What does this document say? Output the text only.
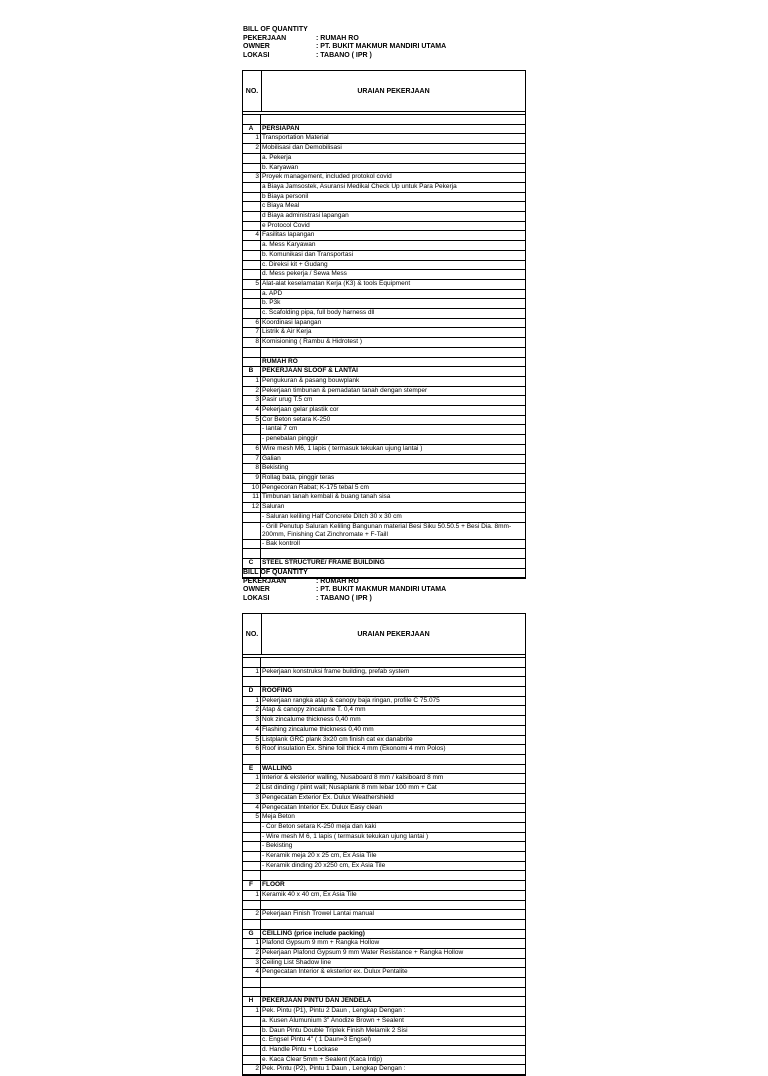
BILL OF QUANTITY
PEKERJAAN	: RUMAH RO
OWNER	: PT. BUKIT MAKMUR MANDIRI UTAMA
LOKASI	: TABANO ( IPR )
NO.	URAIAN PEKERJAAN
A	PERSIAPAN
1 Transportation Material
2 Mobilisasi dan Demobilisasi
a. Pekerja
b. Karyawan
3 Proyek management, included protokol covid
a Biaya Jamsostek, Asuransi Medikal Check Up untuk Para Pekerja
b Biaya personil
c Biaya Meal
d Biaya administrasi lapangan
e Protocol Covid
4 Fasilitas lapangan
a. Mess Karyawan
b. Komunikasi dan Transportasi
c. Direksi kit + Gudang
d. Mess pekerja / Sewa Mess
5 Alat-alat keselamatan Kerja (K3) & tools Equipment
a. APD
b. P3k
c. Scafolding pipa, full body harness dll
6 Koordinasi lapangan
7 Listrik & Air Kerja
8 Komisioning ( Rambu & Hidrotest )
RUMAH RO
B	PEKERJAAN SLOOF & LANTAI
1 Pengukuran & pasang bouwplank
2 Pekerjaan timbunan & pemadatan tanah dengan stemper
3 Pasir urug T.5 cm
4 Pekerjaan gelar plastik cor
5 Cor Beton setara K-250
- lantai 7 cm
- penebalan pinggir
6 Wire mesh M6, 1 lapis ( termasuk tekukan ujung lantai )
7 Galian
8 Bekisting
9 Rollag bata, pinggir teras
10 Pengecoran Rabat; K-175 tebal 5 cm
11 Timbunan tanah kembali & buang tanah sisa
12 Saluran
- Saluran keliling Half Concrete Ditch 30 x 30 cm
- Grill Penutup Saluran Keliling Bangunan material Besi Siku 50.50.5 + Besi Dia. 8mm-200mm, Finishing Cat Zinchromate + F-Taill
- Bak kontroll
C	STEEL STRUCTURE/ FRAME BUILDING
BILL OF QUANTITY
PEKERJAAN	: RUMAH RO
OWNER	: PT. BUKIT MAKMUR MANDIRI UTAMA
LOKASI	: TABANO ( IPR )
NO.	URAIAN PEKERJAAN
1 Pekerjaan konstruksi frame building, prefab system
D	ROOFING
1 Pekerjaan rangka atap & canopy baja ringan, profile C 75.075
2 Atap & canopy zincalume T. 0,4 mm
3 Nok zincalume thickness 0,40 mm
4 Flashing zincalume thickness 0,40 mm
5 Listplank GRC plank 3x20 cm finish cat ex danabrite
6 Roof insulation Ex. Shine foil thick 4 mm (Ekonomi 4 mm Polos)
E	WALLING
1 Interior & eksterior walling, Nusaboard 8 mm / kalsiboard 8 mm
2 List dinding / piint wall; Nusaplank 8 mm lebar 100 mm + Cat
3 Pengecatan Exterior Ex. Dulux Weathershield
4 Pengecatan Interior Ex. Dulux Easy clean
5 Meja Beton
- Cor Beton setara K-250 meja dan kaki
- Wire mesh M 6, 1 lapis ( termasuk tekukan ujung lantai )
- Bekisting
- Keramik meja 20 x 25 cm, Ex Asia Tile
- Keramik dinding 20 x250 cm, Ex Asia Tile
F	FLOOR
1 Keramik 40 x 40 cm, Ex Asia Tile
2 Pekerjaan Finish Trowel Lantai manual
G	CEILLING (price include packing)
1 Plafond Gypsum 9 mm + Rangka Hollow
2 Pekerjaan Plafond Gypsum 9 mm Water Resistance + Rangka Hollow
3 Ceiling List Shadow line
4 Pengecatan Interior & eksterior ex. Dulux Pentalite
H	PEKERJAAN PINTU DAN JENDELA
1 Pek. Pintu (P1), Pintu 2 Daun , Lengkap Dengan :
a. Kusen Alumunium 3" Anodize Brown + Sealent
b. Daun Pintu Double Triplek Finish Melamik 2 Sisi
c. Engsel Pintu 4" ( 1 Daun=3 Engsel)
d. Handle Pintu + Lockase
e. Kaca Clear 5mm + Sealent (Kaca Intip)
2 Pek. Pintu (P2), Pintu 1 Daun , Lengkap Dengan :
